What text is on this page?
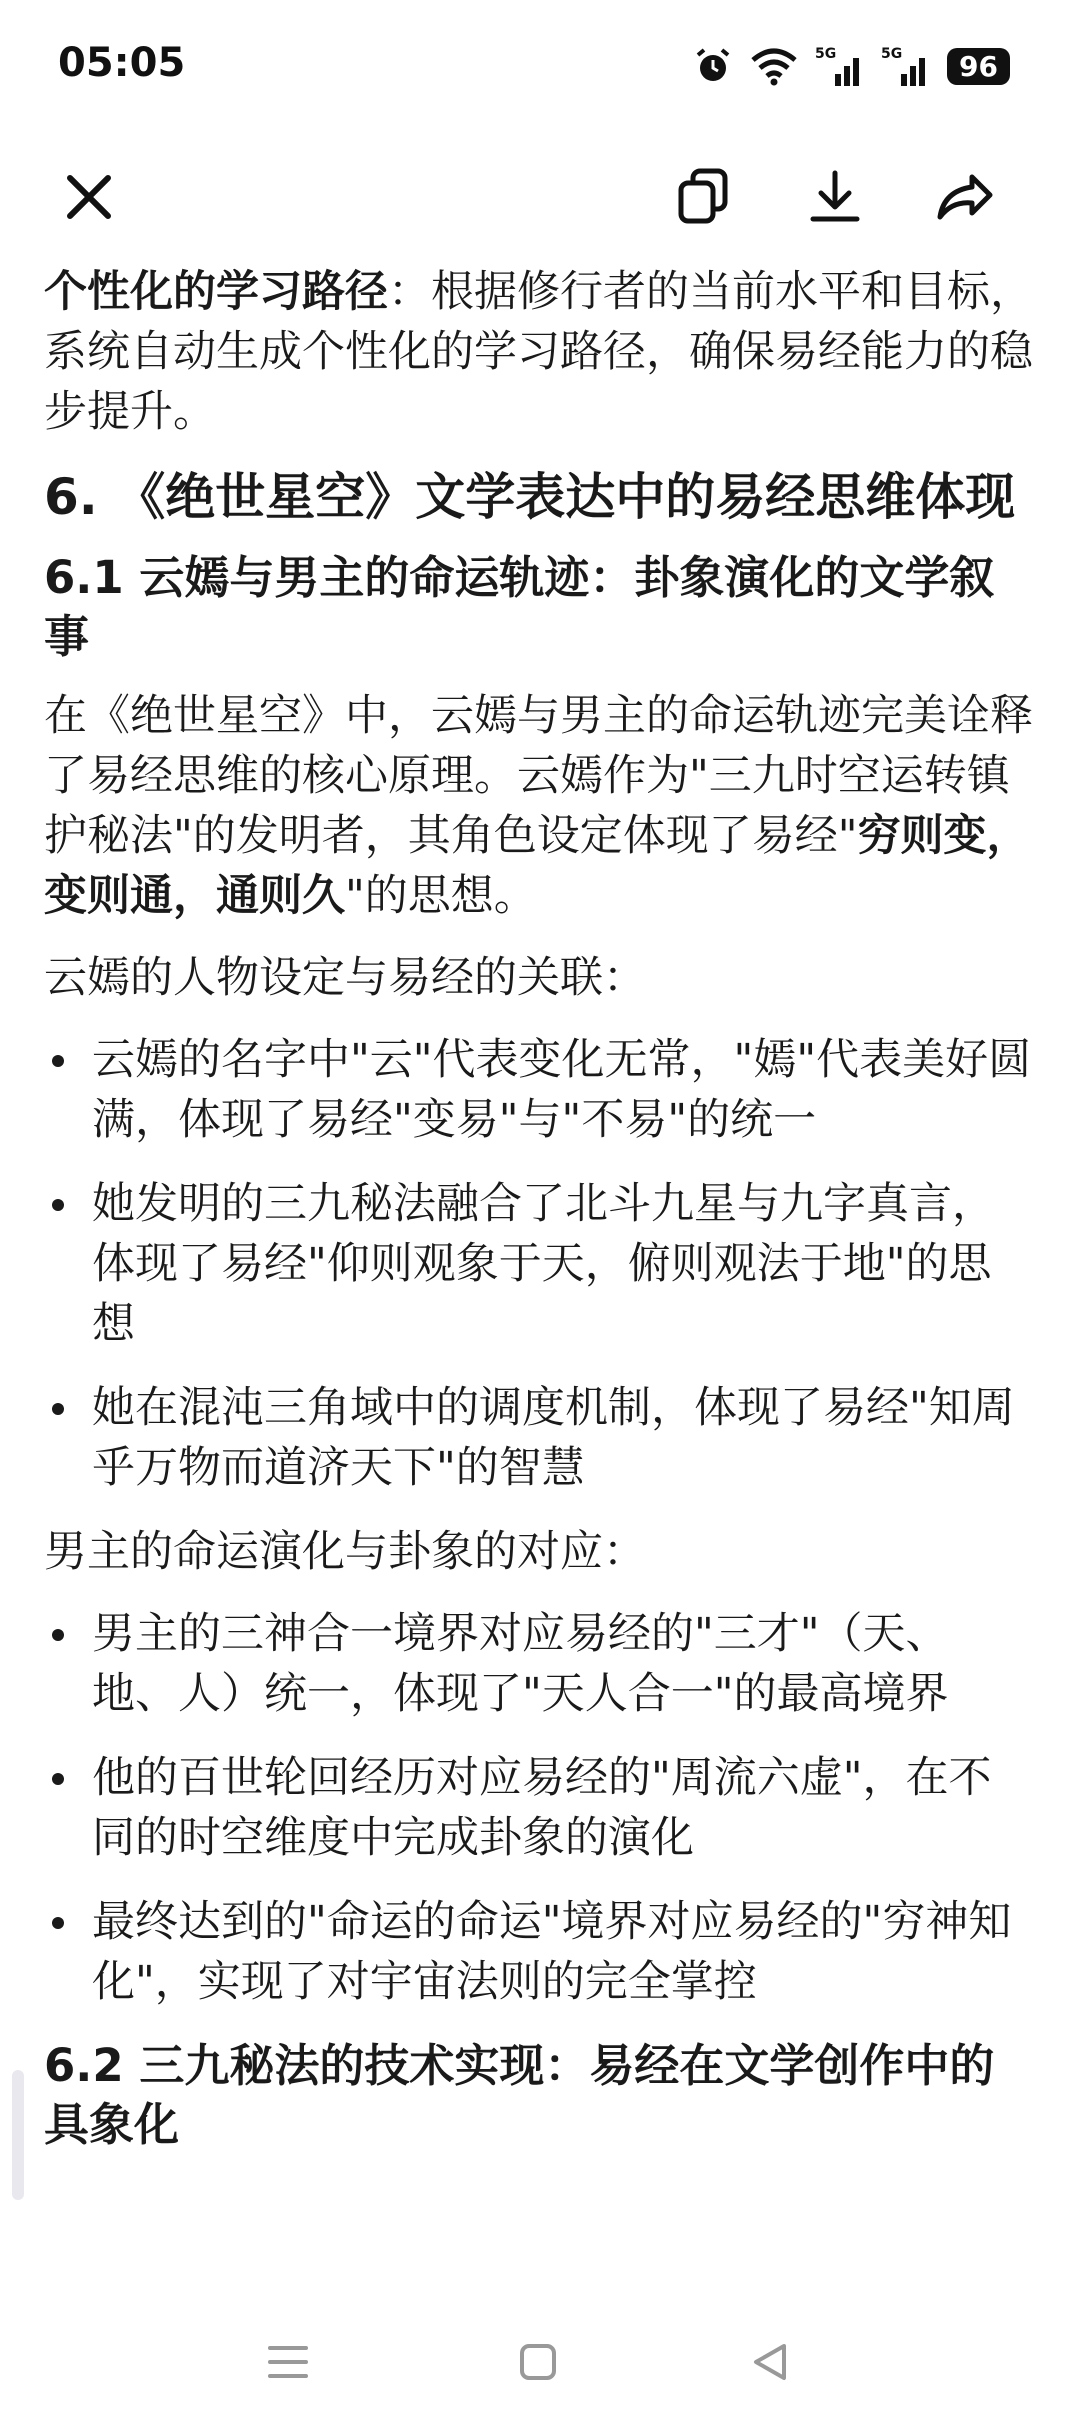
05:05	5G	5G	96

个性化的学习路径：根据修行者的当前水平和目标，系统自动生成个性化的学习路径，确保易经能力的稳步提升。

6. 《绝世星空》文学表达中的易经思维体现
6.1 云嫣与男主的命运轨迹：卦象演化的文学叙事

在《绝世星空》中，云嫣与男主的命运轨迹完美诠释了易经思维的核心原理。云嫣作为"三九时空运转镇护秘法"的发明者，其角色设定体现了易经"穷则变，变则通，通则久"的思想。

云嫣的人物设定与易经的关联：

云嫣的名字中"云"代表变化无常，"嫣"代表美好圆满，体现了易经"变易"与"不易"的统一
她发明的三九秘法融合了北斗九星与九字真言，体现了易经"仰则观象于天，俯则观法于地"的思想
她在混沌三角域中的调度机制，体现了易经"知周乎万物而道济天下"的智慧

男主的命运演化与卦象的对应：

男主的三神合一境界对应易经的"三才"（天、地、人）统一，体现了"天人合一"的最高境界
他的百世轮回经历对应易经的"周流六虚"，在不同的时空维度中完成卦象的演化
最终达到的"命运的命运"境界对应易经的"穷神知化"，实现了对宇宙法则的完全掌控
6.2 三九秘法的技术实现：易经在文学创作中的具象化
